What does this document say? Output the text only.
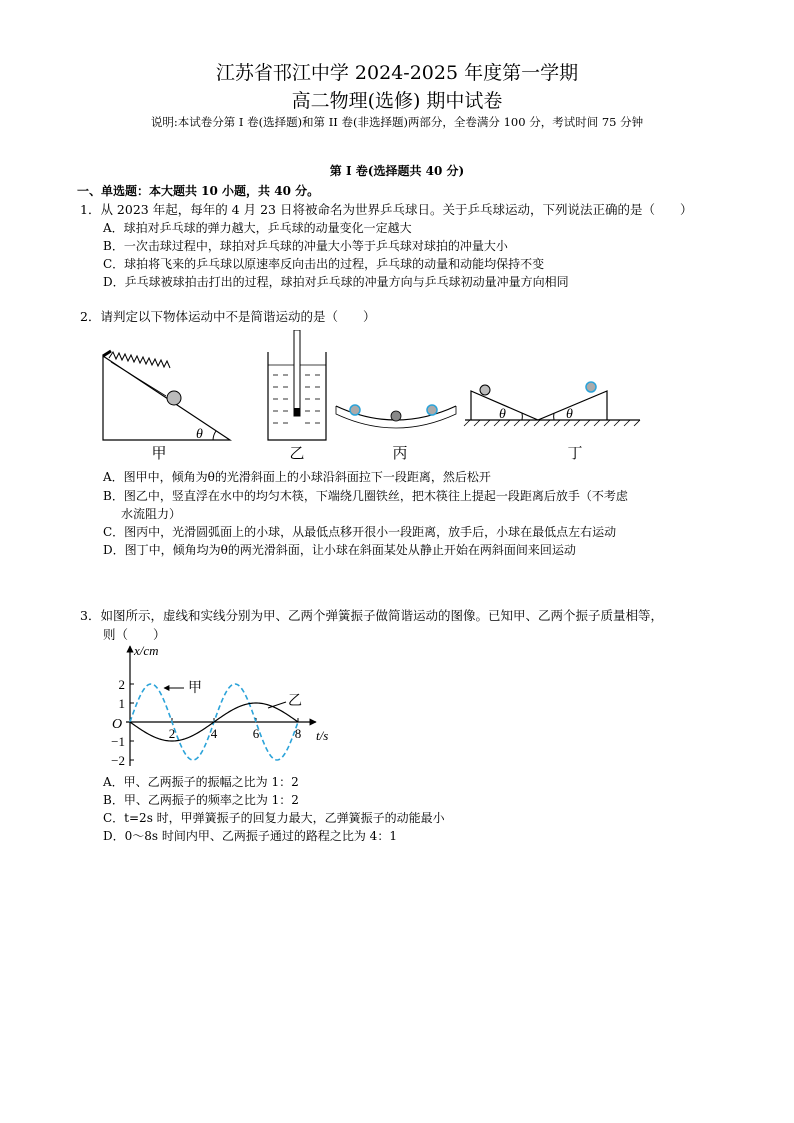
江苏省邗江中学 2024-2025 年度第一学期
高二物理(选修) 期中试卷
说明:本试卷分第 I 卷(选择题)和第 II 卷(非选择题)两部分，全卷满分 100 分，考试时间 75 分钟
第 I 卷(选择题共 40 分)
一、单选题：本大题共 10 小题，共 40 分。
1．从 2023 年起，每年的 4 月 23 日将被命名为世界乒乓球日。关于乒乓球运动，下列说法正确的是（　　）
A．球拍对乒乓球的弹力越大，乒乓球的动量变化一定越大
B．一次击球过程中，球拍对乒乓球的冲量大小等于乒乓球对球拍的冲量大小
C．球拍将飞来的乒乓球以原速率反向击出的过程，乒乓球的动量和动能均保持不变
D．乒乓球被球拍击打出的过程，球拍对乒乓球的冲量方向与乒乓球初动量冲量方向相同
2．请判定以下物体运动中不是简谐运动的是（　　）
θ
甲	乙	丙
θ	θ
丁
A．图甲中，倾角为θ的光滑斜面上的小球沿斜面拉下一段距离，然后松开
B．图乙中，竖直浮在水中的均匀木筷，下端绕几圈铁丝，把木筷往上提起一段距离后放手（不考虑
水流阻力）
C．图丙中，光滑圆弧面上的小球，从最低点移开很小一段距离，放手后，小球在最低点左右运动
D．图丁中，倾角均为θ的两光滑斜面，让小球在斜面某处从静止开始在两斜面间来回运动
3．如图所示，虚线和实线分别为甲、乙两个弹簧振子做简谐运动的图像。已知甲、乙两个振子质量相等，
则（　　）
x/cm
t/s
O
2	4	6	8
2
1
−1
−2
甲
乙
A．甲、乙两振子的振幅之比为 1：2
B．甲、乙两振子的频率之比为 1：2
C．t=2s 时，甲弹簧振子的回复力最大，乙弹簧振子的动能最小
D．0～8s 时间内甲、乙两振子通过的路程之比为 4：1
